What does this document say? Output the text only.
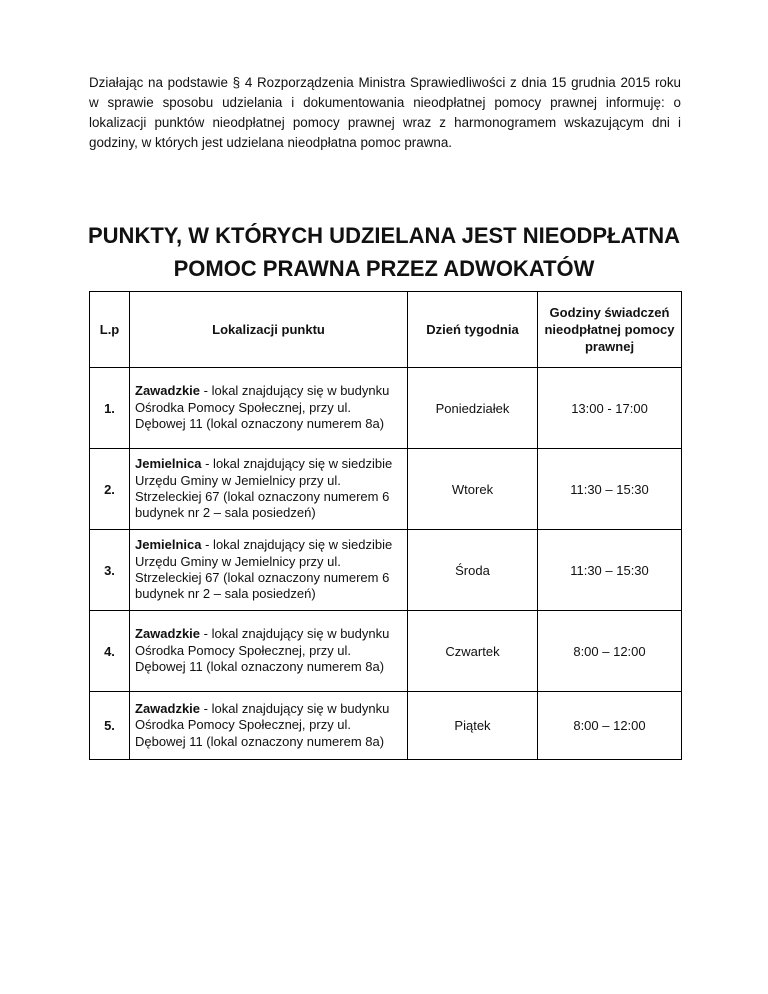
Działając na podstawie § 4 Rozporządzenia Ministra Sprawiedliwości z dnia 15 grudnia 2015 roku w sprawie sposobu udzielania i dokumentowania nieodpłatnej pomocy prawnej informuję: o lokalizacji punktów nieodpłatnej pomocy prawnej wraz z harmonogramem wskazującym dni i godziny, w których jest udzielana nieodpłatna pomoc prawna.

PUNKTY, W KTÓRYCH UDZIELANA JEST NIEODPŁATNA
POMOC PRAWNA PRZEZ ADWOKATÓW
L.p	Lokalizacji punktu	Dzień tygodnia	Godziny świadczeń nieodpłatnej pomocy prawnej
1.	Zawadzkie - lokal znajdujący się w budynku Ośrodka Pomocy Społecznej, przy ul. Dębowej 11 (lokal oznaczony numerem 8a)	Poniedziałek	13:00 - 17:00
2.	Jemielnica - lokal znajdujący się w siedzibie Urzędu Gminy w Jemielnicy przy ul. Strzeleckiej 67 (lokal oznaczony numerem 6 budynek nr 2 – sala posiedzeń)	Wtorek	11:30 – 15:30
3.	Jemielnica - lokal znajdujący się w siedzibie Urzędu Gminy w Jemielnicy przy ul. Strzeleckiej 67 (lokal oznaczony numerem 6 budynek nr 2 – sala posiedzeń)	Środa	11:30 – 15:30
4.	Zawadzkie - lokal znajdujący się w budynku Ośrodka Pomocy Społecznej, przy ul. Dębowej 11 (lokal oznaczony numerem 8a)	Czwartek	8:00 – 12:00
5.	Zawadzkie - lokal znajdujący się w budynku Ośrodka Pomocy Społecznej, przy ul. Dębowej 11 (lokal oznaczony numerem 8a)	Piątek	8:00 – 12:00
